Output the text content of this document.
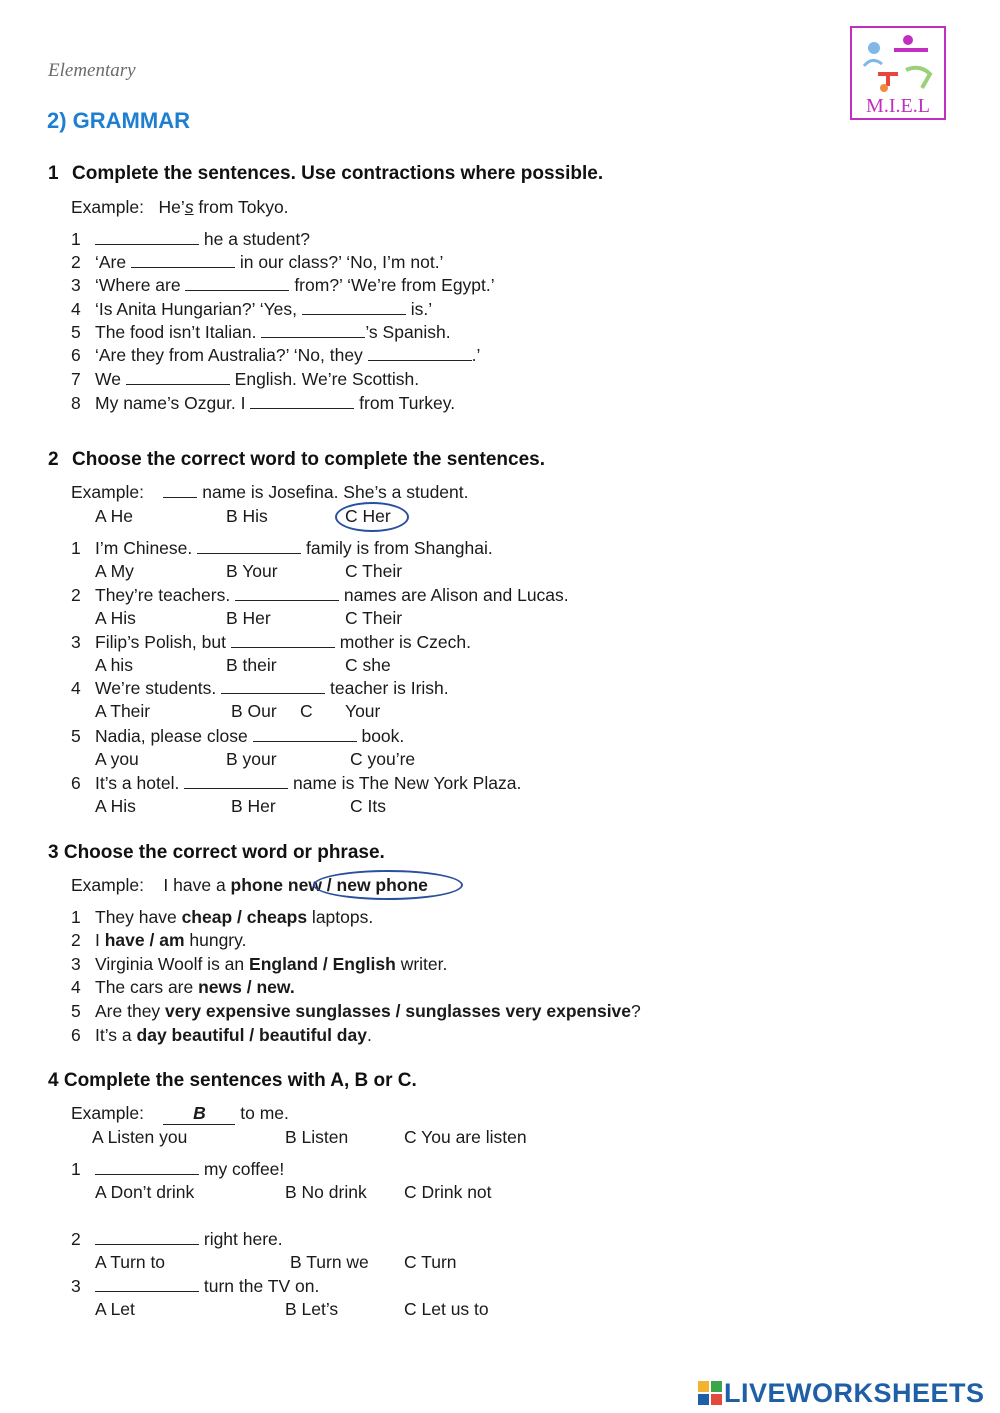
Elementary
2) GRAMMAR
M.I.E.L
1 Complete the sentences. Use contractions where possible.
Example: He’s from Tokyo.
1	he a student?
2 ‘Are	in our class?’ ‘No, I’m not.’
3 ‘Where are	from?’ ‘We’re from Egypt.’
4 ‘Is Anita Hungarian?’ ‘Yes,	is.’
5 The food isn’t Italian.	’s Spanish.
6 ‘Are they from Australia?’ ‘No, they	.’
7 We	English. We’re Scottish.
8 My name’s Ozgur. I	from Turkey.
2 Choose the correct word to complete the sentences.
Example:	name is Josefina. She’s a student.
A He	B His	C Her
1 I’m Chinese.	family is from Shanghai.
A My	B Your	C Their
2 They’re teachers.	names are Alison and Lucas.
A His	B Her	C Their
3 Filip’s Polish, but	mother is Czech.
A his	B their	C she
4 We’re students.	teacher is Irish.
A Their	B Our C Your
5 Nadia, please close	book.
A you	B your	C you’re
6 It’s a hotel.	name is The New York Plaza.
A His	B Her	C Its
3 Choose the correct word or phrase.
Example: I have a phone new / new phone
1 They have cheap / cheaps laptops.
2 I have / am hungry.
3 Virginia Woolf is an England / English writer.
4 The cars are news / new.
5 Are they very expensive sunglasses / sunglasses very expensive?
6 It’s a day beautiful / beautiful day.
4 Complete the sentences with A, B or C.
Example:	B to me.
A Listen you	B Listen	C You are listen
1	my coffee!
A Don’t drink	B No drink C Drink not
2	right here.
A Turn to	B Turn we C Turn
3	turn the TV on.
A Let	B Let’s	C Let us to
LIVEWORKSHEETS
